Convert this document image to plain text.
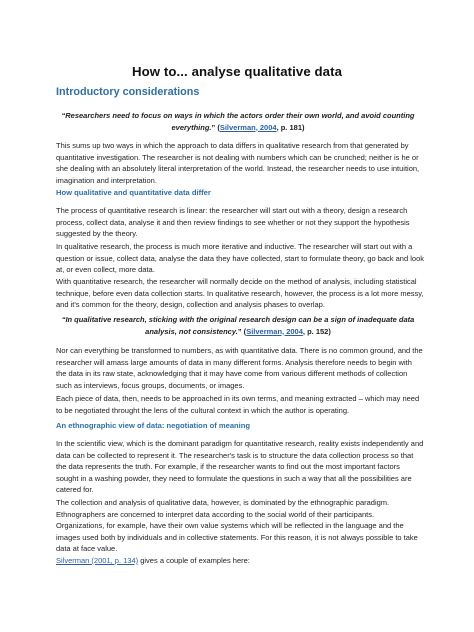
How to... analyse qualitative data
Introductory considerations
“Researchers need to focus on ways in which the actors order their own world, and avoid counting everything.” (Silverman, 2004, p. 181)
This sums up two ways in which the approach to data differs in qualitative research from that generated by quantitative investigation. The researcher is not dealing with numbers which can be crunched; neither is he or she dealing with an absolutely literal interpretation of the world. Instead, the researcher needs to use intuition, imagination and interpretation.
How qualitative and quantitative data differ
The process of quantitative research is linear: the researcher will start out with a theory, design a research process, collect data, analyse it and then review findings to see whether or not they support the hypothesis suggested by the theory.
In qualitative research, the process is much more iterative and inductive. The researcher will start out with a question or issue, collect data, analyse the data they have collected, start to formulate theory, go back and look at, or even collect, more data.
With quantitative research, the researcher will normally decide on the method of analysis, including statistical technique, before even data collection starts. In qualitative research, however, the process is a lot more messy, and it's common for the theory, design, collection and analysis phases to overlap.
“In qualitative research, sticking with the original research design can be a sign of inadequate data analysis, not consistency.” (Silverman, 2004, p. 152)
Nor can everything be transformed to numbers, as with quantitative data. There is no common ground, and the researcher will amass large amounts of data in many different forms. Analysis therefore needs to begin with the data in its raw state, acknowledging that it may have come from various different methods of collection such as interviews, focus groups, documents, or images.
Each piece of data, then, needs to be approached in its own terms, and meaning extracted – which may need to be negotiated throught the lens of the cultural context in which the author is operating.
An ethnographic view of data: negotiation of meaning
In the scientific view, which is the dominant paradigm for quantitative research, reality exists independently and data can be collected to represent it. The researcher's task is to structure the data collection process so that the data represents the truth. For example, if the researcher wants to find out the most important factors sought in a washing powder, they need to formulate the questions in such a way that all the possibilities are catered for.
The collection and analysis of qualitative data, however, is dominated by the ethnographic paradigm. Ethnographers are concerned to interpret data according to the social world of their participants. Organizations, for example, have their own value systems which will be reflected in the language and the images used both by individuals and in collective statements. For this reason, it is not always possible to take data at face value.
Silverman (2001, p. 134) gives a couple of examples here:
